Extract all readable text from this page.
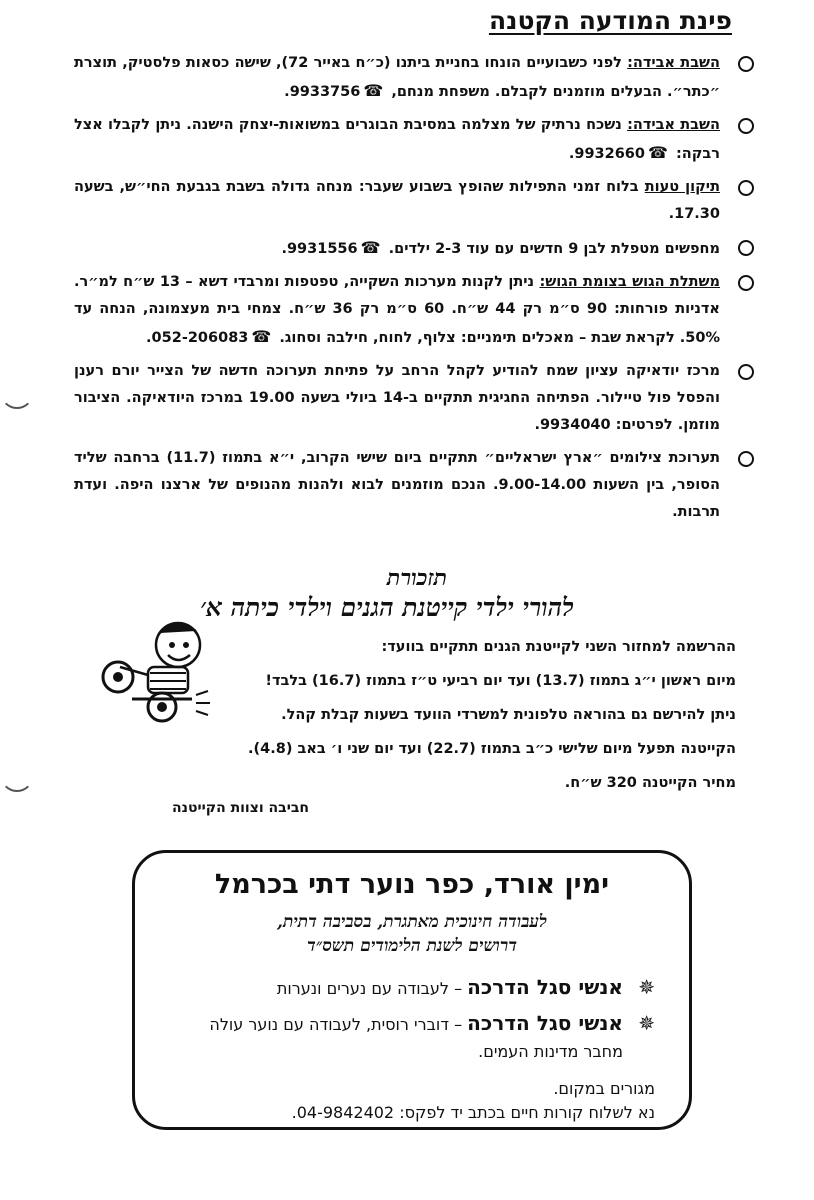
פינת המודעה הקטנה
השבת אבידה: לפני כשבועיים הונחו בחניית ביתנו (כ״ח באייר 72), שישה כסאות פלסטיק, תוצרת ״כתר״. הבעלים מוזמנים לקבלם. משפחת מנחם, ☎9933756.
השבת אבידה: נשכח נרתיק של מצלמה במסיבת הבוגרים במשואות-יצחק הישנה. ניתן לקבלו אצל רבקה: ☎9932660.
תיקון טעות בלוח זמני התפילות שהופץ בשבוע שעבר: מנחה גדולה בשבת בגבעת החי״ש, בשעה 17.30.
מחפשים מטפלת לבן 9 חדשים עם עוד 2-3 ילדים. ☎9931556.
משתלת הגוש בצומת הגוש: ניתן לקנות מערכות השקייה, טפטפות ומרבדי דשא – 13 ש״ח למ״ר. אדניות פורחות: 90 ס״מ רק 44 ש״ח. 60 ס״מ רק 36 ש״ח. צמחי בית מעצמונה, הנחה עד 50%. לקראת שבת – מאכלים תימניים: צלוף, לחוח, חילבה וסחוג. ☎052-206083.
מרכז יודאיקה עציון שמח להודיע לקהל הרחב על פתיחת תערוכה חדשה של הצייר יורם רענן והפסל פול טיילור. הפתיחה החגיגית תתקיים ב-14 ביולי בשעה 19.00 במרכז היודאיקה. הציבור מוזמן. לפרטים: 9934040.
תערוכת צילומים ״ארץ ישראליים״ תתקיים ביום שישי הקרוב, י״א בתמוז (11.7) ברחבה שליד הסופר, בין השעות 9.00-14.00. הנכם מוזמנים לבוא ולהנות מהנופים של ארצנו היפה. ועדת תרבות.
תזכורת
להורי ילדי קייטנת הגנים וילדי כיתה א׳

ההרשמה למחזור השני לקייטנת הגנים תתקיים בוועד:

מיום ראשון י״ג בתמוז (13.7) ועד יום רביעי ט״ז בתמוז (16.7) בלבד!

ניתן להירשם גם בהוראה טלפונית למשרדי הוועד בשעות קבלת קהל.

הקייטנה תפעל מיום שלישי כ״ב בתמוז (22.7) ועד יום שני ו׳ באב (4.8).

מחיר הקייטנה 320 ש״ח.

חביבה וצוות הקייטנה

ימין אורד, כפר נוער דתי בכרמל

לעבודה חינוכית מאתגרת, בסביבה דתית,

דרושים לשנת הלימודים תשס״ד

✵
אנשי סגל הדרכה – לעבודה עם נערים ונערות
✵
אנשי סגל הדרכה – דוברי רוסית, לעבודה עם נוער עולה מחבר מדינות העמים.

מגורים במקום.

נא לשלוח קורות חיים בכתב יד לפקס: 04-9842402.
